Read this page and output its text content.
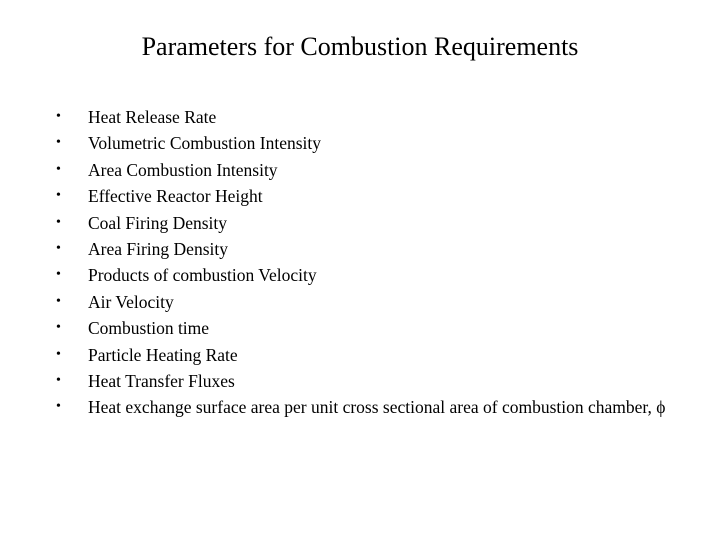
Parameters for Combustion Requirements
•	Heat Release Rate
•	Volumetric Combustion Intensity
•	Area Combustion Intensity
•	Effective Reactor Height
•	Coal Firing Density
•	Area Firing Density
•	Products of combustion Velocity
•	Air Velocity
•	Combustion time
•	Particle Heating Rate
•	Heat Transfer Fluxes
•	Heat exchange surface area per unit cross sectional area of combustion chamber, ϕ
